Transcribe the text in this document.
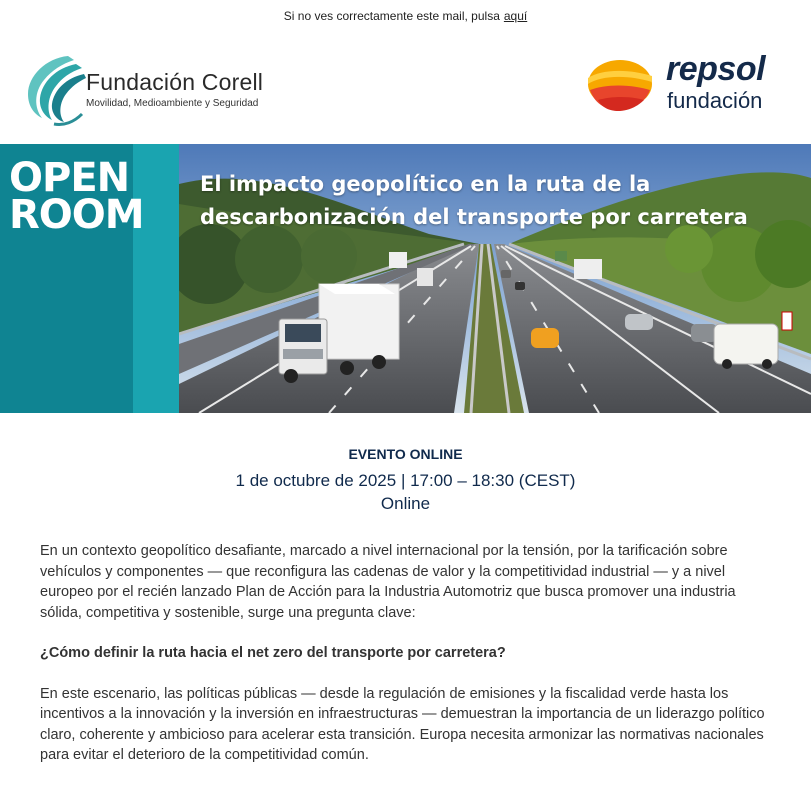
Si no ves correctamente este mail, pulsa aquí
Fundación Corell
Movilidad, Medioambiente y Seguridad
repsol
fundación
OPEN
ROOM
El impacto geopolítico en la ruta de la
descarbonización del transporte por carretera
EVENTO ONLINE
1 de octubre de 2025 | 17:00 – 18:30 (CEST)
Online

En un contexto geopolítico desafiante, marcado a nivel internacional por la tensión, por la tarificación sobre vehículos y componentes — que reconfigura las cadenas de valor y la competitividad industrial — y a nivel europeo por el recién lanzado Plan de Acción para la Industria Automotriz que busca promover una industria sólida, competitiva y sostenible, surge una pregunta clave:

¿Cómo definir la ruta hacia el net zero del transporte por carretera?

En este escenario, las políticas públicas — desde la regulación de emisiones y la fiscalidad verde hasta los incentivos a la innovación y la inversión en infraestructuras — demuestran la importancia de un liderazgo político claro, coherente y ambicioso para acelerar esta transición. Europa necesita armonizar las normativas nacionales para evitar el deterioro de la competitividad común.
